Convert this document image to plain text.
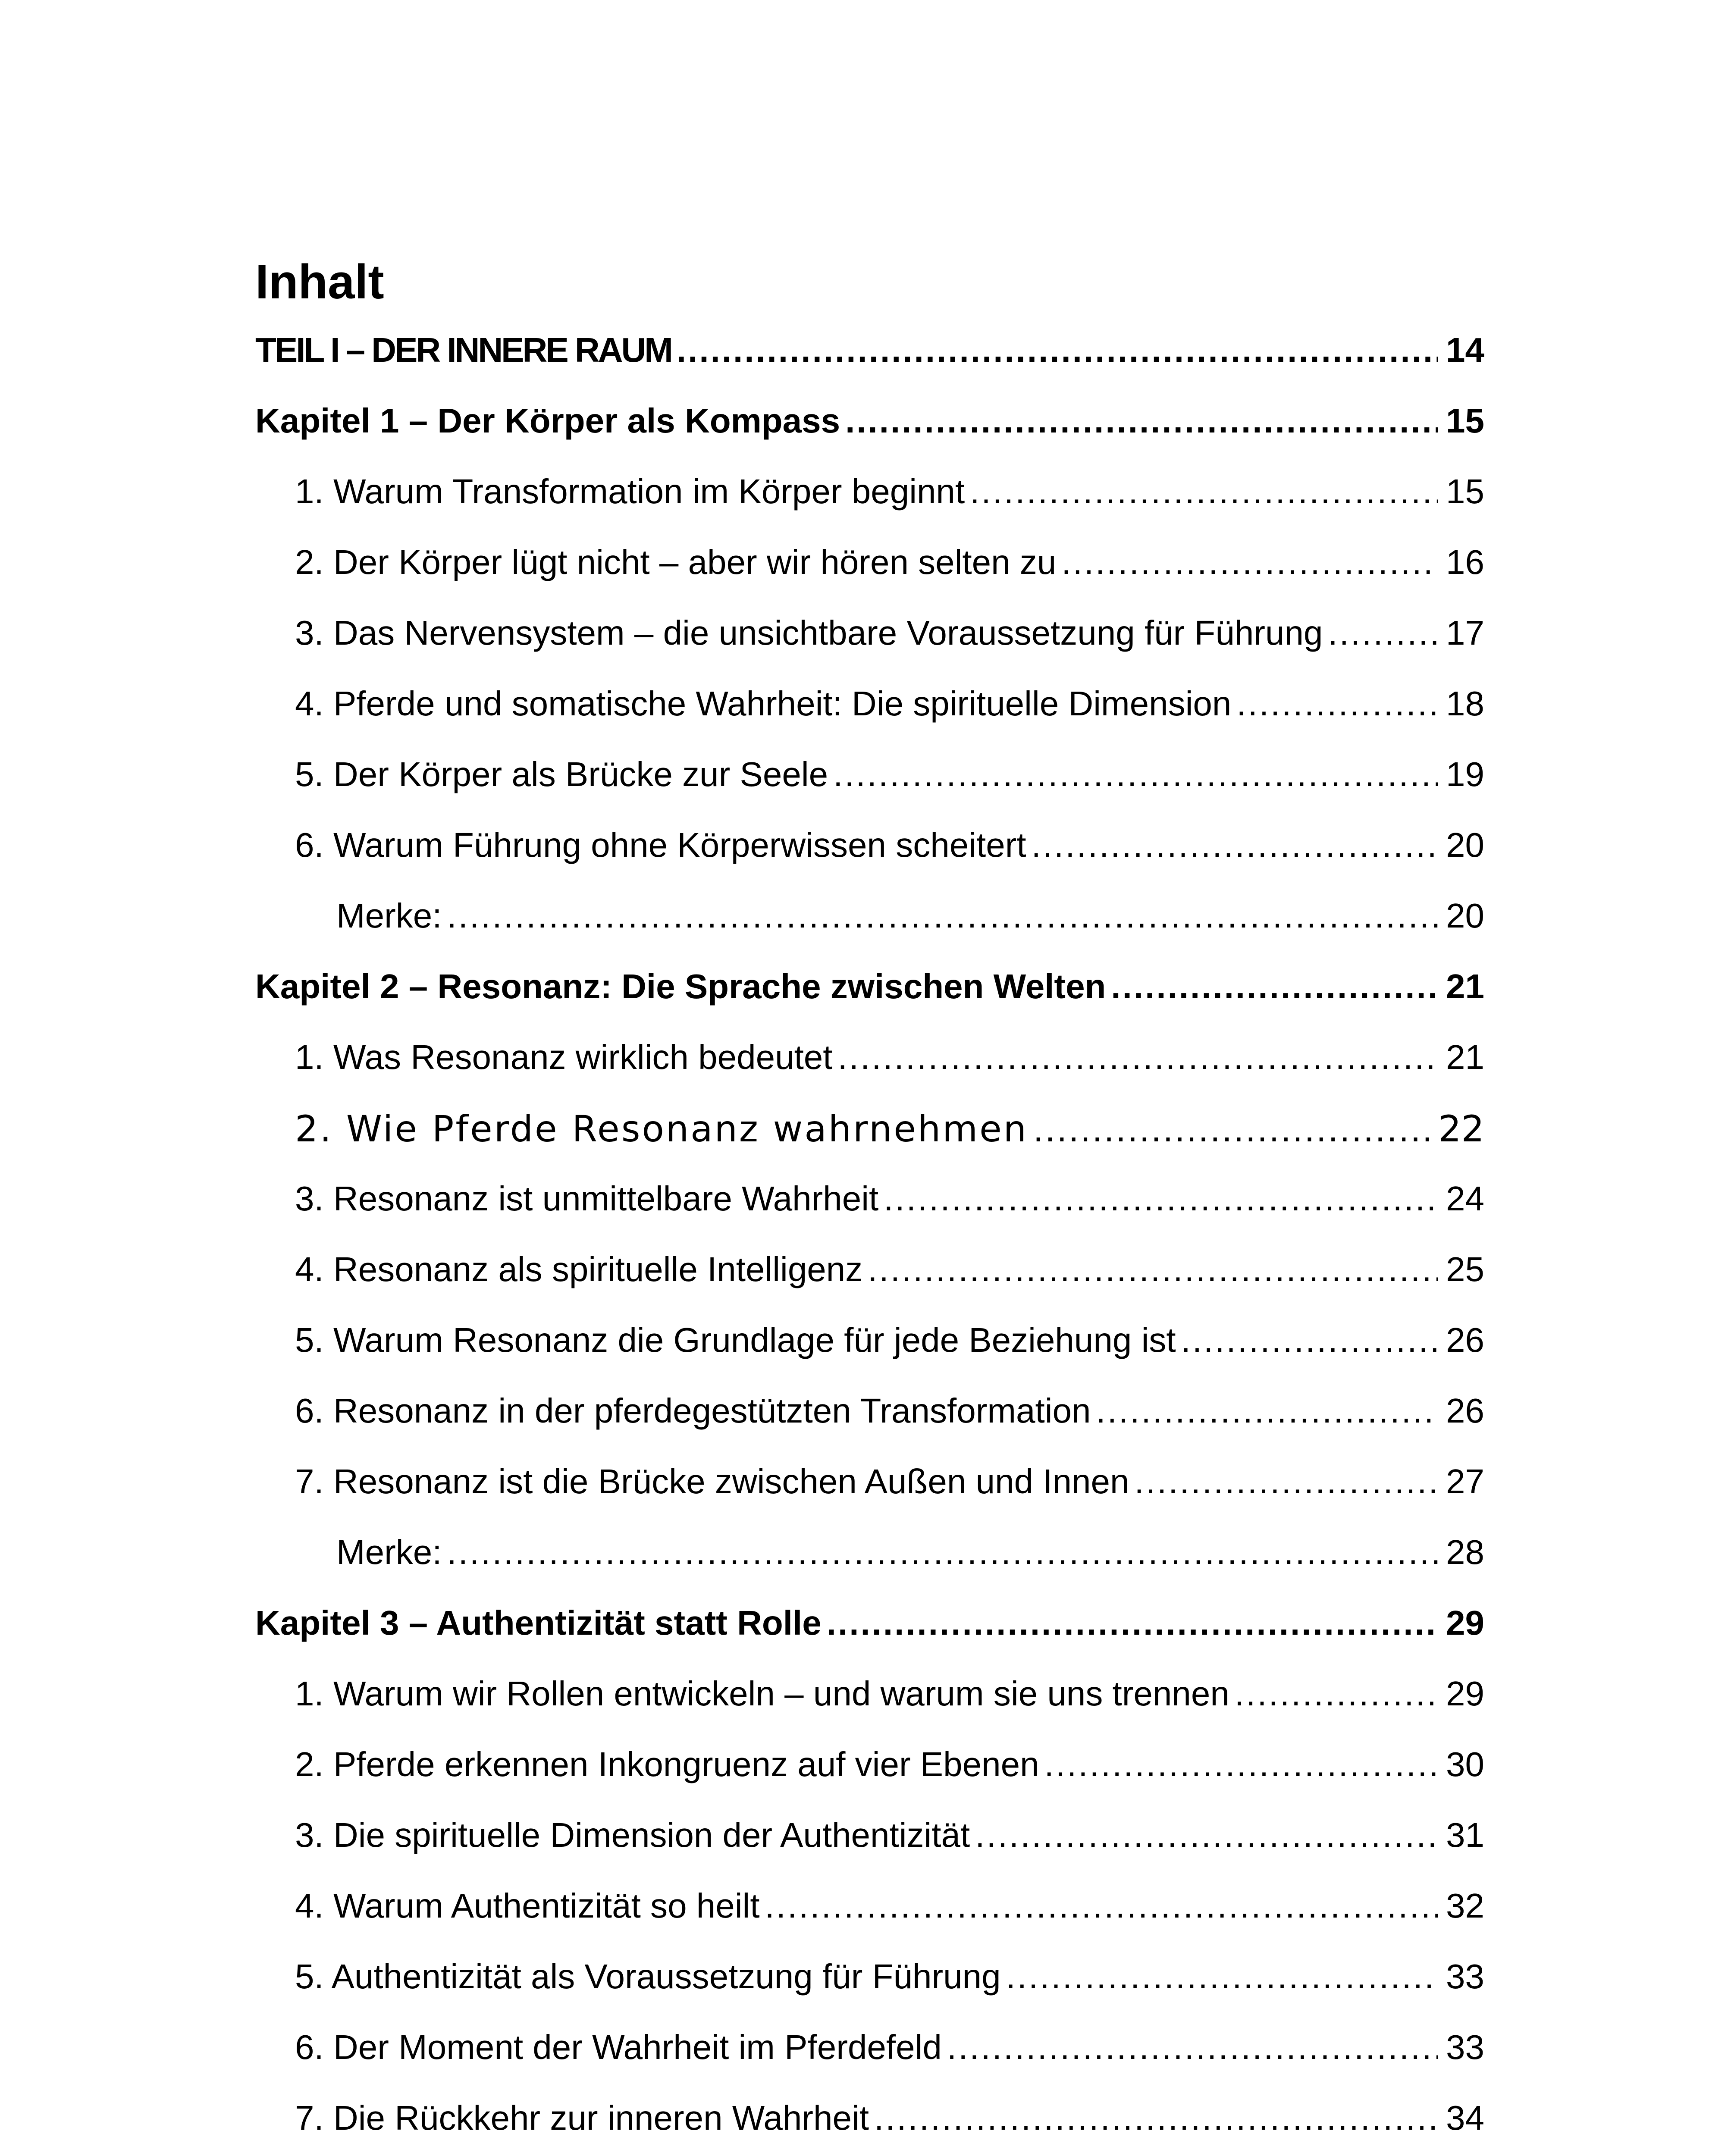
Inhalt
TEIL I – DER INNERE RAUM .....	14
Kapitel 1 – Der Körper als Kompass .....	15
1. Warum Transformation im Körper beginnt .....	15
2. Der Körper lügt nicht – aber wir hören selten zu .....	16
3. Das Nervensystem – die unsichtbare Voraussetzung für Führung .....	17
4. Pferde und somatische Wahrheit: Die spirituelle Dimension .....	18
5. Der Körper als Brücke zur Seele .....	19
6. Warum Führung ohne Körperwissen scheitert .....	20
Merke: .....	20
Kapitel 2 – Resonanz: Die Sprache zwischen Welten .....	21
1. Was Resonanz wirklich bedeutet .....	21
2. Wie Pferde Resonanz wahrnehmen .....	22
3. Resonanz ist unmittelbare Wahrheit .....	24
4. Resonanz als spirituelle Intelligenz .....	25
5. Warum Resonanz die Grundlage für jede Beziehung ist .....	26
6. Resonanz in der pferdegestützten Transformation .....	26
7. Resonanz ist die Brücke zwischen Außen und Innen .....	27
Merke: .....	28
Kapitel 3 – Authentizität statt Rolle .....	29
1. Warum wir Rollen entwickeln – und warum sie uns trennen .....	29
2. Pferde erkennen Inkongruenz auf vier Ebenen .....	30
3. Die spirituelle Dimension der Authentizität .....	31
4. Warum Authentizität so heilt .....	32
5. Authentizität als Voraussetzung für Führung .....	33
6. Der Moment der Wahrheit im Pferdefeld .....	33
7. Die Rückkehr zur inneren Wahrheit .....	34
